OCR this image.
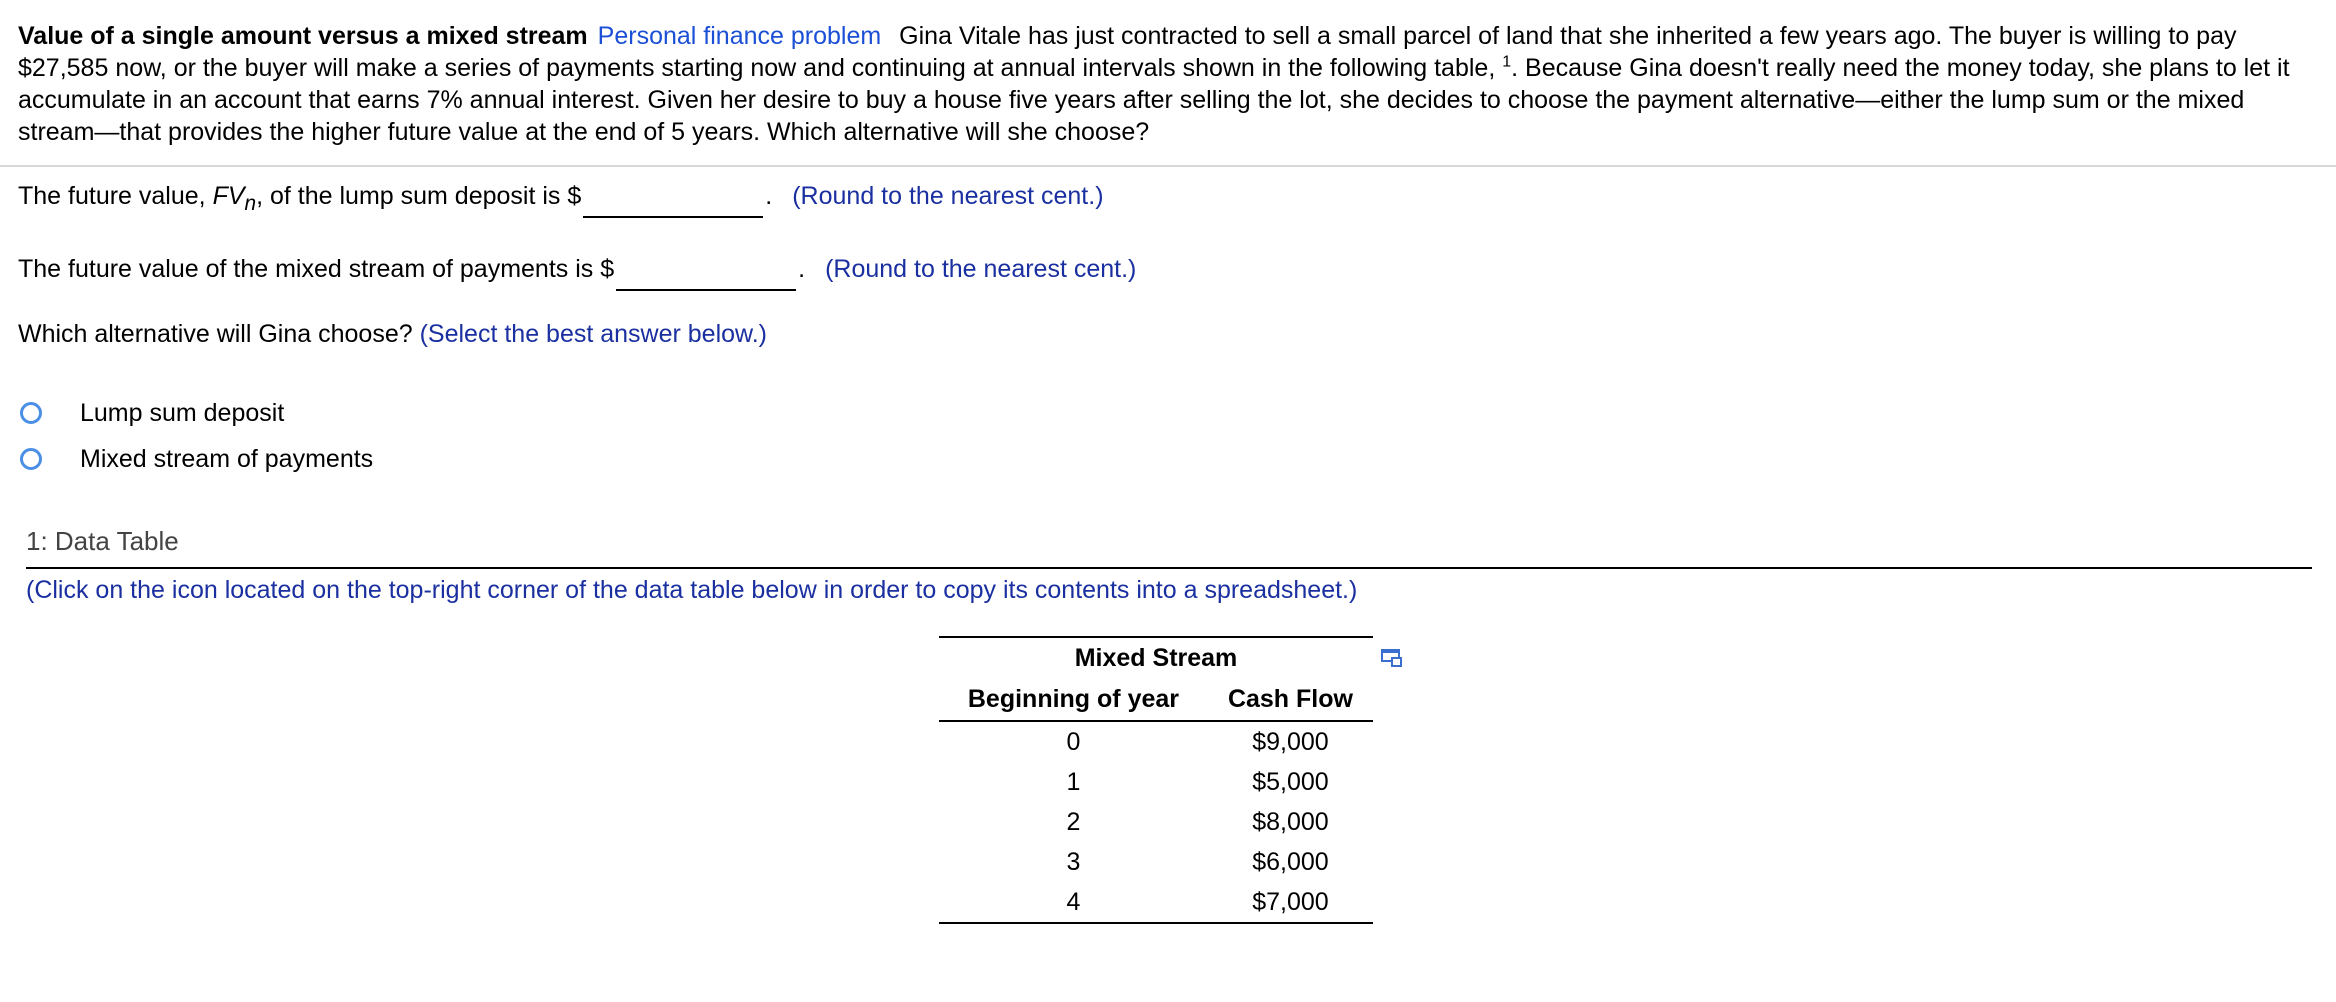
Value of a single amount versus a mixed stream Personal finance problem Gina Vitale has just contracted to sell a small parcel of land that she inherited a few years ago. The buyer is willing to pay $27,585 now, or the buyer will make a series of payments starting now and continuing at annual intervals shown in the following table, $^1$. Because Gina doesn't really need the money today, she plans to let it accumulate in an account that earns 7% annual interest. Given her desire to buy a house five years after selling the lot, she decides to choose the payment alternative—either the lump sum or the mixed stream—that provides the higher future value at the end of 5 years. Which alternative will she choose?
The future value, $FV_n$, of the lump sum deposit is $	. (Round to the nearest cent.)
The future value of the mixed stream of payments is $	. (Round to the nearest cent.)
Which alternative will Gina choose? (Select the best answer below.)
Lump sum deposit
Mixed stream of payments
1: Data Table
(Click on the icon located on the top-right corner of the data table below in order to copy its contents into a spreadsheet.)
Mixed Stream	
Beginning of year	Cash Flow
0	$9,000
1	$5,000
2	$8,000
3	$6,000
4	$7,000
